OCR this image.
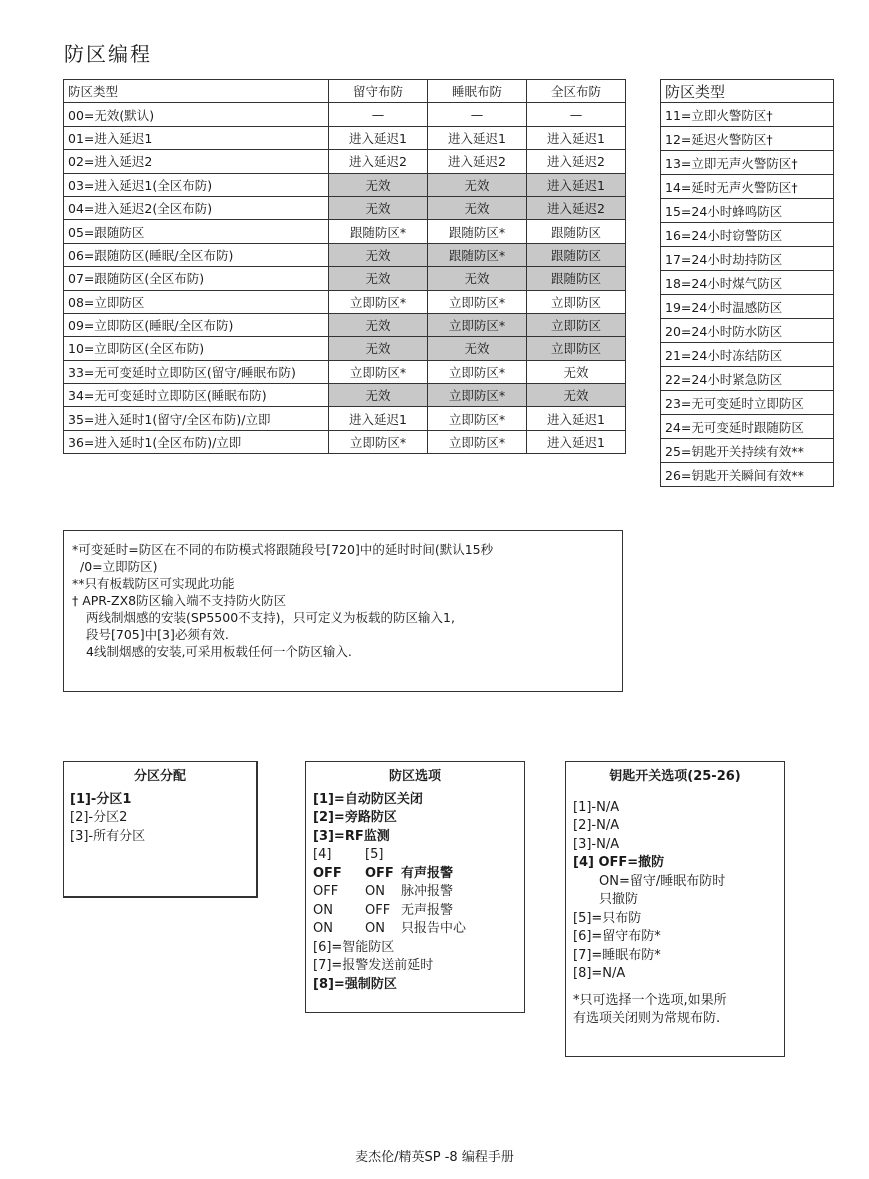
防区编程
防区类型	留守布防	睡眠布防	全区布防
00=无效(默认)	—	—	—
01=进入延迟1	进入延迟1	进入延迟1	进入延迟1
02=进入延迟2	进入延迟2	进入延迟2	进入延迟2
03=进入延迟1(全区布防)	无效	无效	进入延迟1
04=进入延迟2(全区布防)	无效	无效	进入延迟2
05=跟随防区	跟随防区*	跟随防区*	跟随防区
06=跟随防区(睡眠/全区布防)	无效	跟随防区*	跟随防区
07=跟随防区(全区布防)	无效	无效	跟随防区
08=立即防区	立即防区*	立即防区*	立即防区
09=立即防区(睡眠/全区布防)	无效	立即防区*	立即防区
10=立即防区(全区布防)	无效	无效	立即防区
33=无可变延时立即防区(留守/睡眠布防)	立即防区*	立即防区*	无效
34=无可变延时立即防区(睡眠布防)	无效	立即防区*	无效
35=进入延时1(留守/全区布防)/立即	进入延迟1	立即防区*	进入延迟1
36=进入延时1(全区布防)/立即	立即防区*	立即防区*	进入延迟1
防区类型
11=立即火警防区†
12=延迟火警防区†
13=立即无声火警防区†
14=延时无声火警防区†
15=24小时蜂鸣防区
16=24小时窃警防区
17=24小时劫持防区
18=24小时煤气防区
19=24小时温感防区
20=24小时防水防区
21=24小时冻结防区
22=24小时紧急防区
23=无可变延时立即防区
24=无可变延时跟随防区
25=钥匙开关持续有效**
26=钥匙开关瞬间有效**
*可变延时=防区在不同的布防模式将跟随段号[720]中的延时时间(默认15秒
/0=立即防区)
**只有板载防区可实现此功能
† APR-ZX8防区输入端不支持防火防区
两线制烟感的安装(SP5500不支持)，只可定义为板载的防区输入1,
段号[705]中[3]必须有效.
4线制烟感的安装,可采用板载任何一个防区输入.
分区分配
[1]-分区1
[2]-分区2
[3]-所有分区
防区选项
[1]=自动防区关闭
[2]=旁路防区
[3]=RF监测
[4]	[5]
OFF	OFF 有声报警
OFF	ON	脉冲报警
ON	OFF 无声报警
ON	ON	只报告中心
[6]=智能防区
[7]=报警发送前延时
[8]=强制防区
钥匙开关选项(25-26)
[1]-N/A
[2]-N/A
[3]-N/A
[4] OFF=撤防
ON=留守/睡眠布防时
只撤防
[5]=只布防
[6]=留守布防*
[7]=睡眠布防*
[8]=N/A
*只可选择一个选项,如果所
有选项关闭则为常规布防.
麦杰伦/精英SP -8 编程手册
